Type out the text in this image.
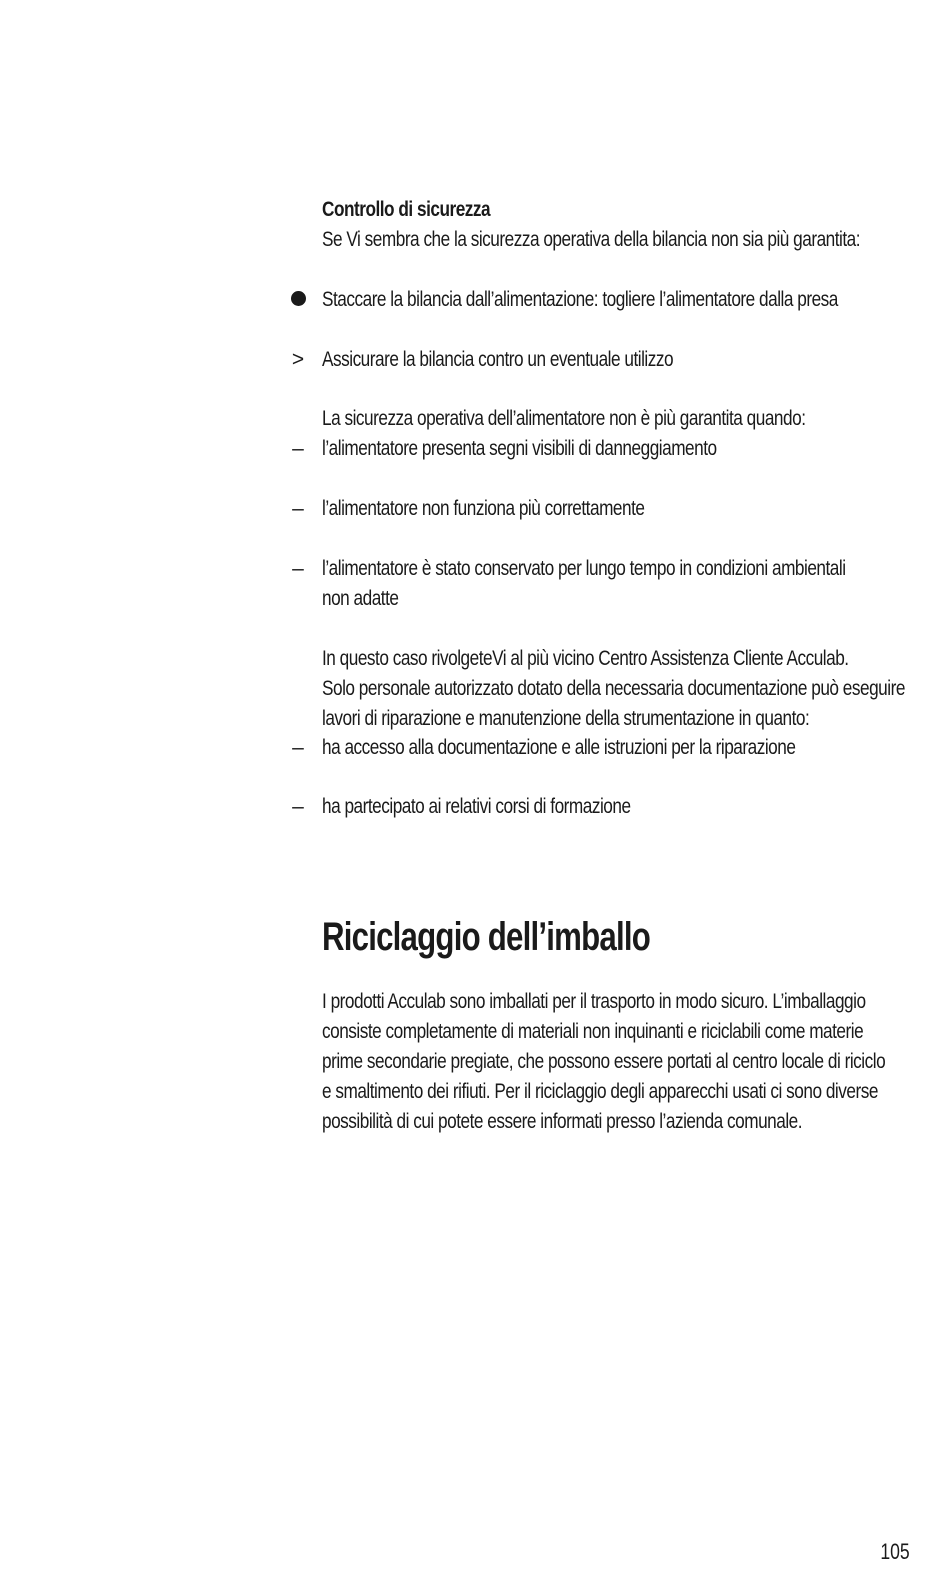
Controllo di sicurezza
Se Vi sembra che la sicurezza operativa della bilancia non sia più garantita:
Staccare la bilancia dall’alimentazione: togliere l’alimentatore dalla presa
> Assicurare la bilancia contro un eventuale utilizzo
La sicurezza operativa dell’alimentatore non è più garantita quando:
– l’alimentatore presenta segni visibili di danneggiamento
– l’alimentatore non funziona più correttamente
– l’alimentatore è stato conservato per lungo tempo in condizioni ambientali
non adatte
In questo caso rivolgeteVi al più vicino Centro Assistenza Cliente Acculab.
Solo personale autorizzato dotato della necessaria documentazione può eseguire
lavori di riparazione e manutenzione della strumentazione in quanto:
– ha accesso alla documentazione e alle istruzioni per la riparazione
– ha partecipato ai relativi corsi di formazione
Riciclaggio dell’imballo
I prodotti Acculab sono imballati per il trasporto in modo sicuro. L’imballaggio
consiste completamente di materiali non inquinanti e riciclabili come materie
prime secondarie pregiate, che possono essere portati al centro locale di riciclo
e smaltimento dei rifiuti. Per il riciclaggio degli apparecchi usati ci sono diverse
possibilità di cui potete essere informati presso l’azienda comunale.
105
